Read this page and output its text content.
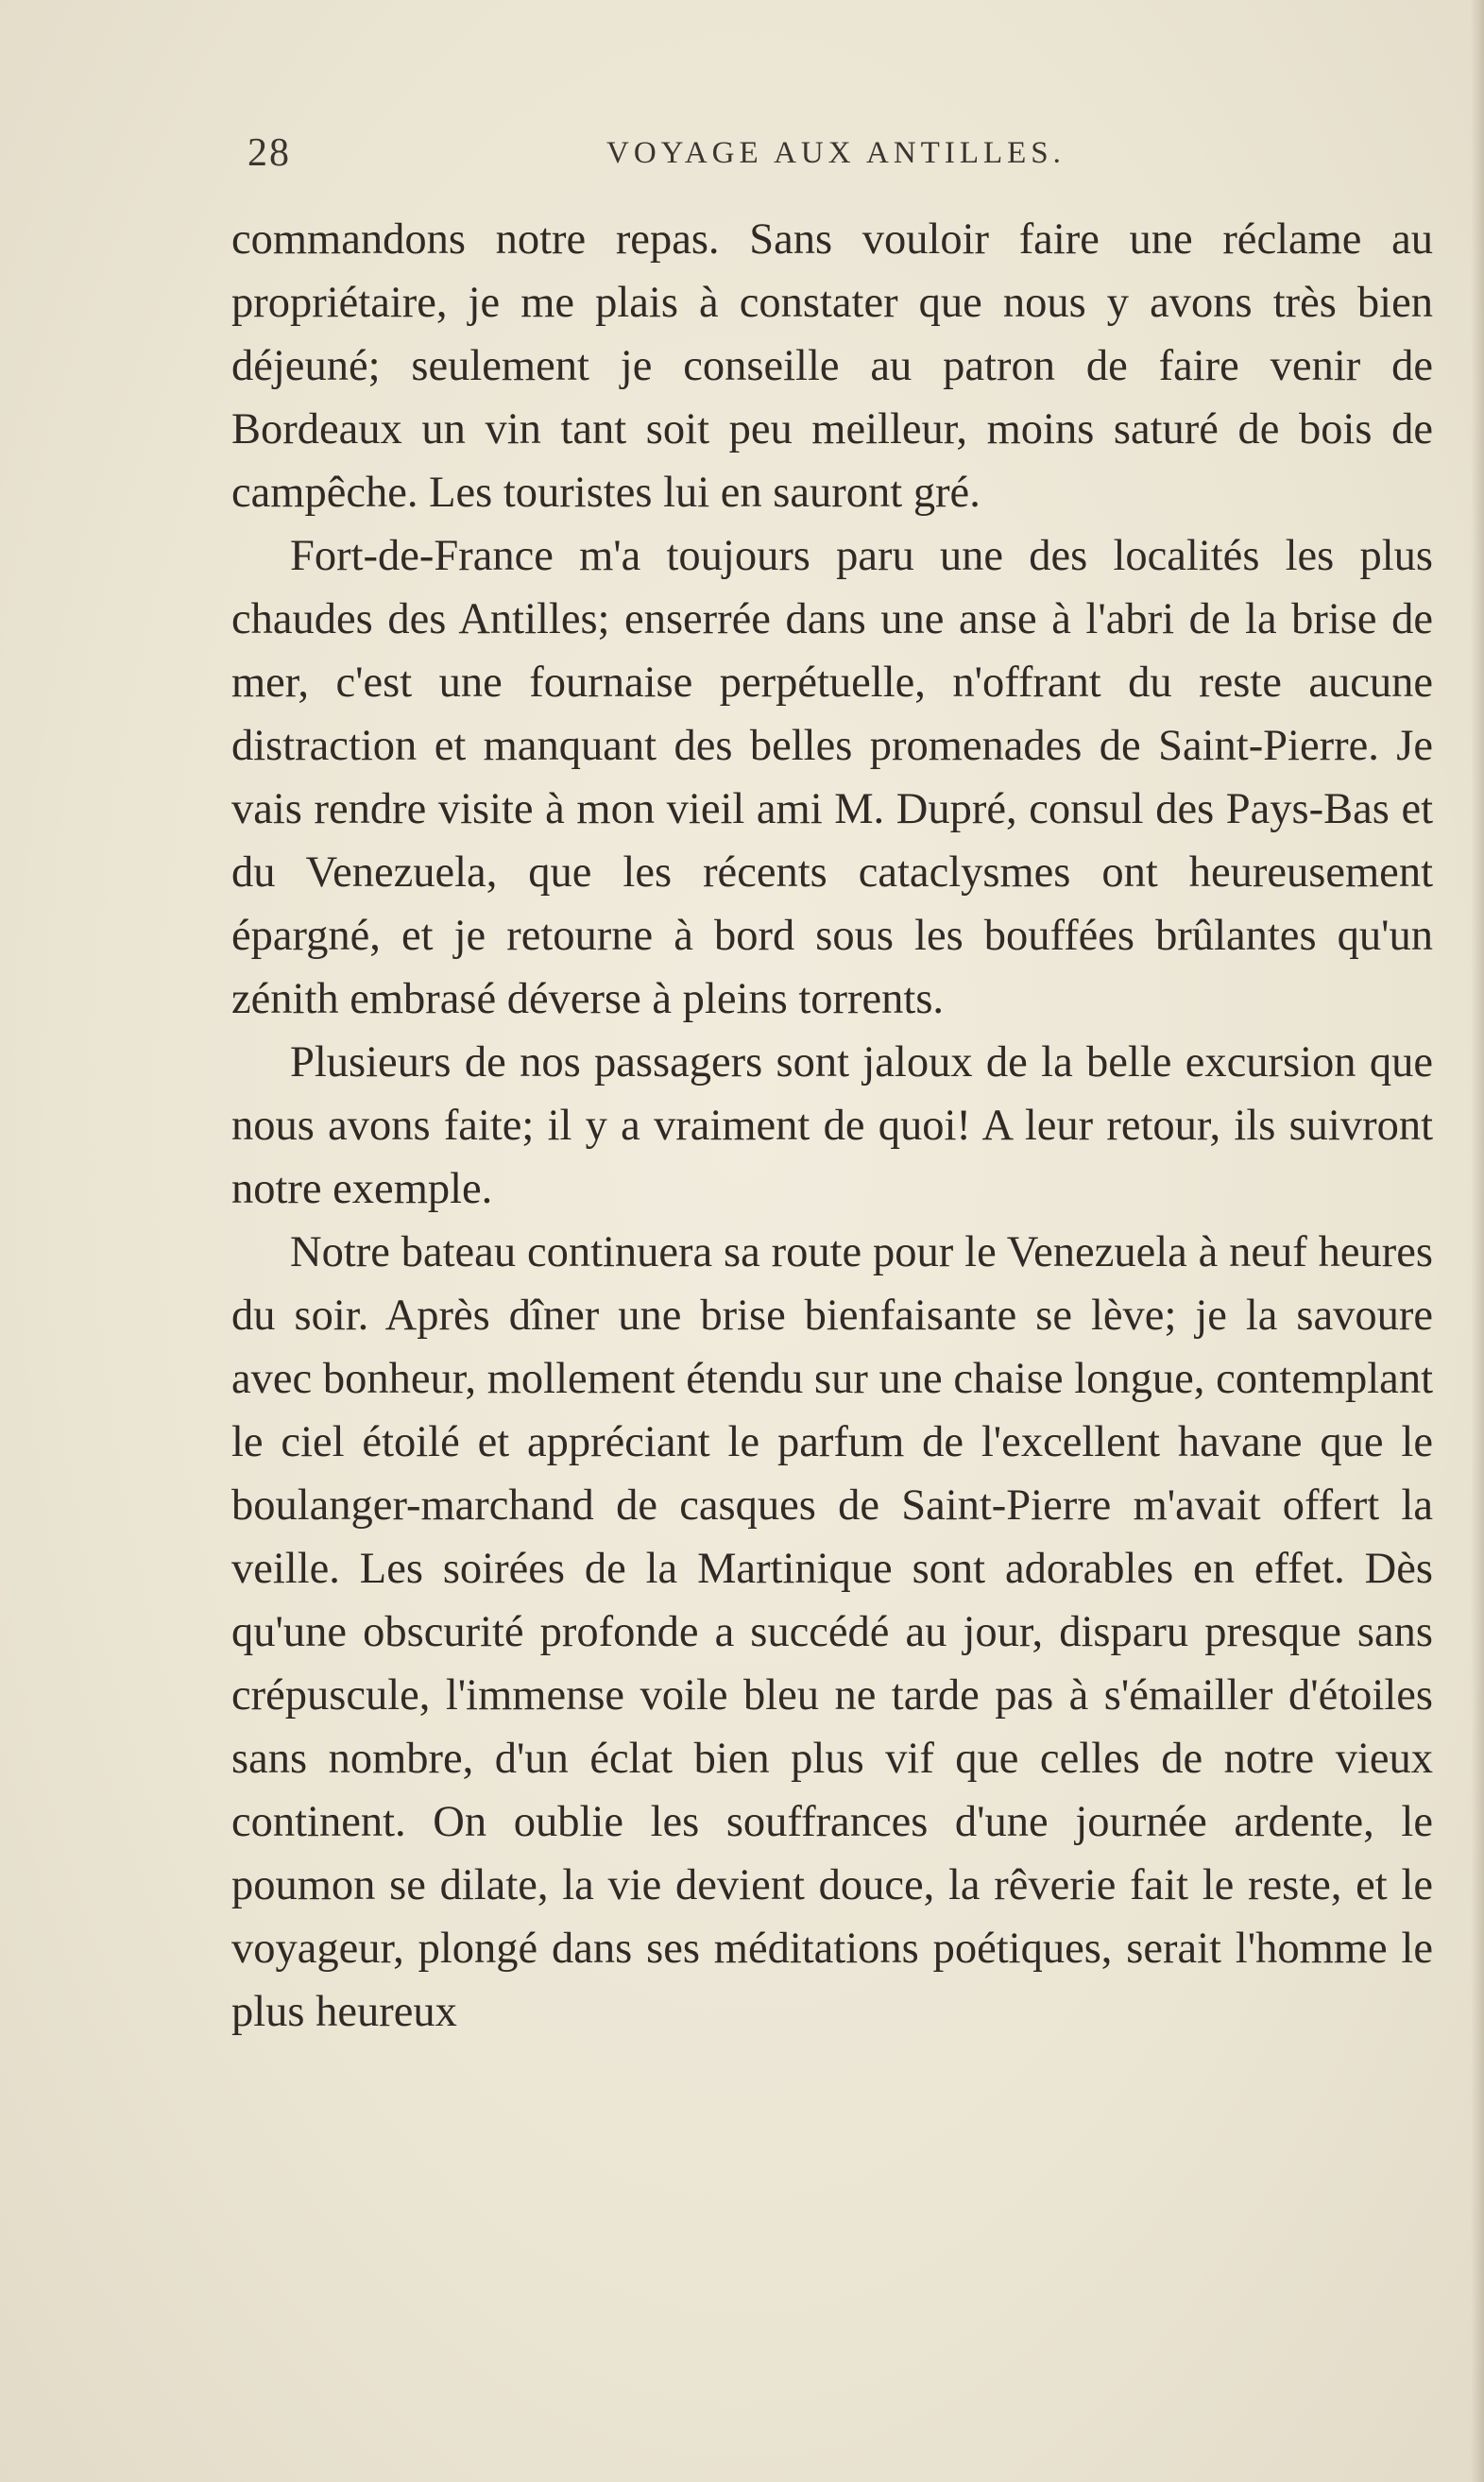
28	VOYAGE AUX ANTILLES.

commandons notre repas. Sans vouloir faire une réclame au propriétaire, je me plais à constater que nous y avons très bien déjeuné; seulement je conseille au patron de faire venir de Bordeaux un vin tant soit peu meilleur, moins saturé de bois de campêche. Les touristes lui en sauront gré.

Fort-de-France m'a toujours paru une des localités les plus chaudes des Antilles; enserrée dans une anse à l'abri de la brise de mer, c'est une fournaise perpétuelle, n'offrant du reste aucune distraction et manquant des belles promenades de Saint-Pierre. Je vais rendre visite à mon vieil ami M. Dupré, consul des Pays-Bas et du Venezuela, que les récents cataclysmes ont heureusement épargné, et je retourne à bord sous les bouffées brûlantes qu'un zénith embrasé déverse à pleins torrents.

Plusieurs de nos passagers sont jaloux de la belle excursion que nous avons faite; il y a vraiment de quoi! A leur retour, ils suivront notre exemple.

Notre bateau continuera sa route pour le Venezuela à neuf heures du soir. Après dîner une brise bienfaisante se lève; je la savoure avec bonheur, mollement étendu sur une chaise longue, contemplant le ciel étoilé et appréciant le parfum de l'excellent havane que le boulanger-marchand de casques de Saint-Pierre m'avait offert la veille. Les soirées de la Martinique sont adorables en effet. Dès qu'une obscurité profonde a succédé au jour, disparu presque sans crépuscule, l'immense voile bleu ne tarde pas à s'émailler d'étoiles sans nombre, d'un éclat bien plus vif que celles de notre vieux continent. On oublie les souffrances d'une journée ardente, le poumon se dilate, la vie devient douce, la rêverie fait le reste, et le voyageur, plongé dans ses méditations poétiques, serait l'homme le plus heureux
